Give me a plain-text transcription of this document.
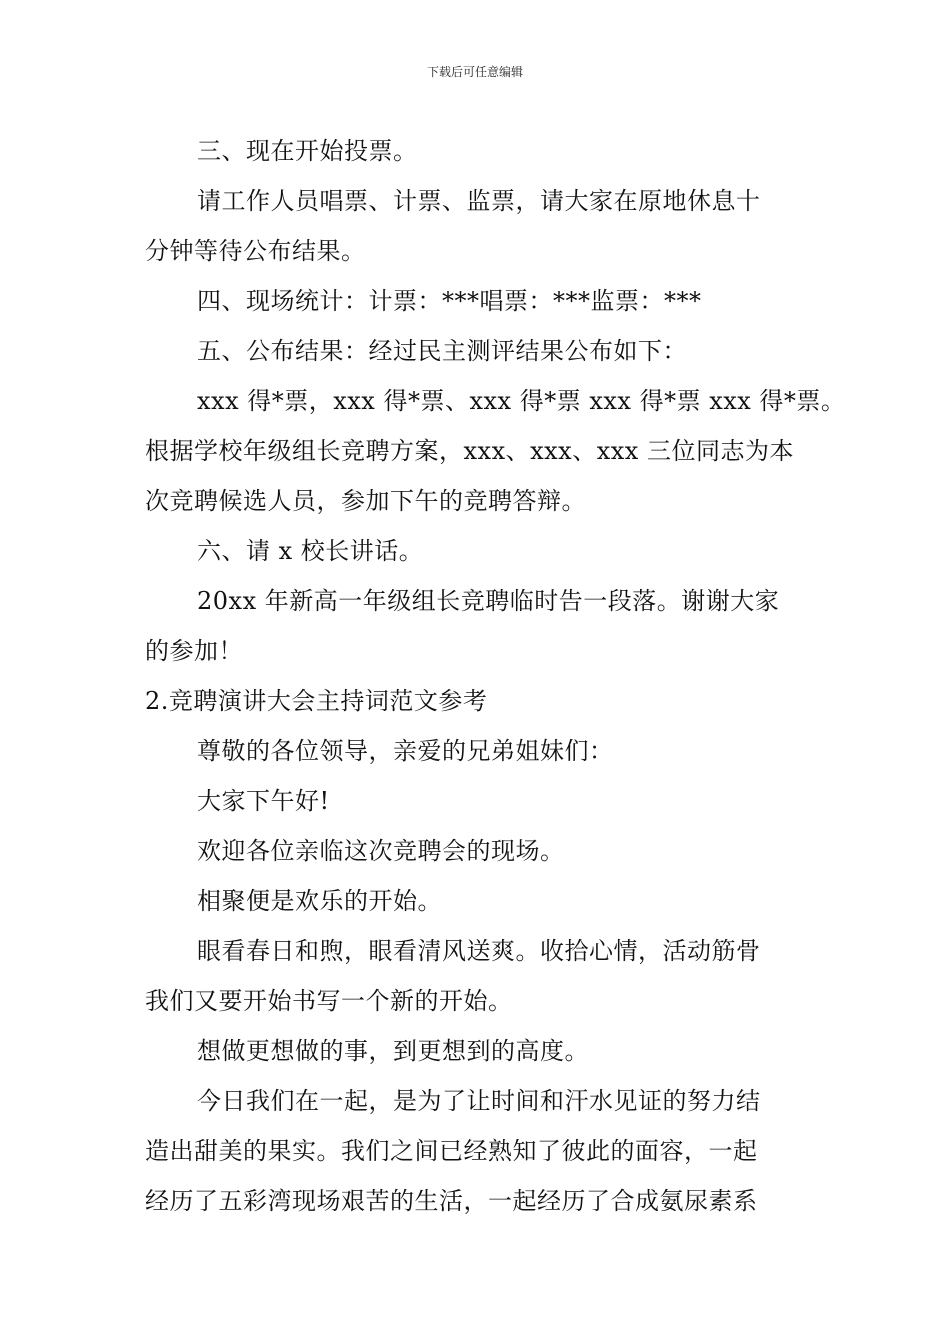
下载后可任意编辑
三、现在开始投票。
请工作人员唱票、计票、监票，请大家在原地休息十
分钟等待公布结果。
四、现场统计：计票：***唱票：***监票：***
五、公布结果：经过民主测评结果公布如下：
xxx 得*票，xxx 得*票、xxx 得*票 xxx 得*票 xxx 得*票。
根据学校年级组长竞聘方案，xxx、xxx、xxx 三位同志为本
次竞聘候选人员，参加下午的竞聘答辩。
六、请 x 校长讲话。
20xx 年新高一年级组长竞聘临时告一段落。谢谢大家
的参加！
2.竞聘演讲大会主持词范文参考
尊敬的各位领导，亲爱的兄弟姐妹们：
大家下午好!
欢迎各位亲临这次竞聘会的现场。
相聚便是欢乐的开始。
眼看春日和煦，眼看清风送爽。收拾心情，活动筋骨
我们又要开始书写一个新的开始。
想做更想做的事，到更想到的高度。
今日我们在一起，是为了让时间和汗水见证的努力结
造出甜美的果实。我们之间已经熟知了彼此的面容，一起
经历了五彩湾现场艰苦的生活，一起经历了合成氨尿素系
